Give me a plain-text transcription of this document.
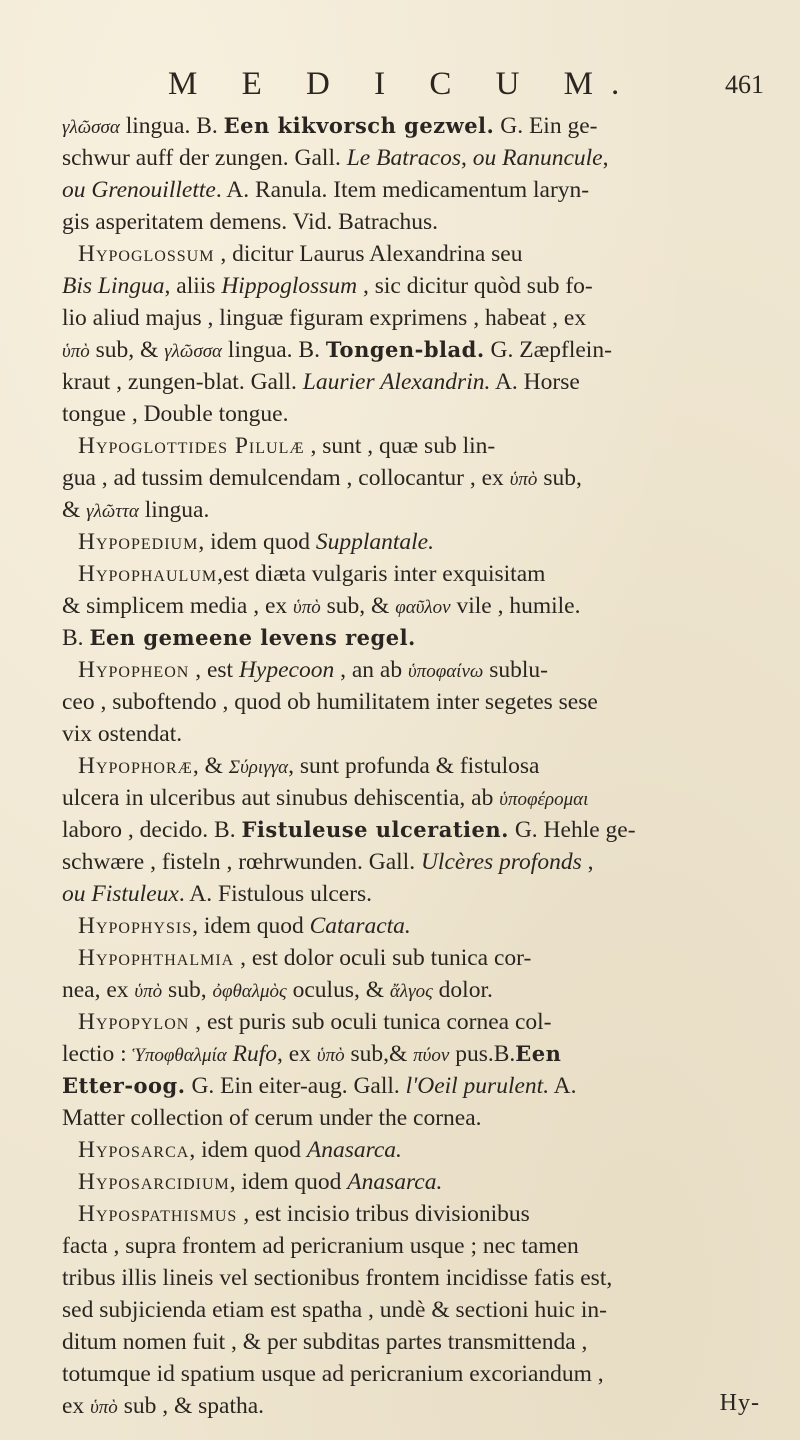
M E D I C U M.	461
γλῶσσα lingua. B. Een kikvorsch gezwel. G. Ein ge-
schwur auff der zungen. Gall. Le Batracos, ou Ranuncule,
ou Grenouillette. A. Ranula. Item medicamentum laryn-
gis asperitatem demens. Vid. Batrachus.
Hypoglossum , dicitur Laurus Alexandrina seu
Bis Lingua, aliis Hippoglossum , sic dicitur quòd sub fo-
lio aliud majus , linguæ figuram exprimens , habeat , ex
ὑπὸ sub, & γλῶσσα lingua. B. Tongen-blad. G. Zæpflein-
kraut , zungen-blat. Gall. Laurier Alexandrin. A. Horse
tongue , Double tongue.
Hypoglottides Pilulæ , sunt , quæ sub lin-
gua , ad tussim demulcendam , collocantur , ex ὑπὸ sub,
& γλῶττα lingua.
Hypopedium, idem quod Supplantale.
Hypophaulum,est diæta vulgaris inter exquisitam
& simplicem media , ex ὑπὸ sub, & φαῦλον vile , humile.
B. Een gemeene levens regel.
Hypopheon , est Hypecoon , an ab ὑποφαίνω sublu-
ceo , suboftendo , quod ob humilitatem inter segetes sese
vix ostendat.
Hypophoræ, & Σύριγγα, sunt profunda & fistulosa
ulcera in ulceribus aut sinubus dehiscentia, ab ὑποφέρομαι
laboro , decido. B. Fistuleuse ulceratien. G. Hehle ge-
schwære , fisteln , rœhrwunden. Gall. Ulcères profonds ,
ou Fistuleux. A. Fistulous ulcers.
Hypophysis, idem quod Cataracta.
Hypophthalmia , est dolor oculi sub tunica cor-
nea, ex ὑπὸ sub, ὀφθαλμὸς oculus, & ἄλγος dolor.
Hypopylon , est puris sub oculi tunica cornea col-
lectio : Ὑποφθαλμία Rufo, ex ὑπὸ sub,& πύον pus.B.Een
Etter-oog. G. Ein eiter-aug. Gall. l'Oeil purulent. A.
Matter collection of cerum under the cornea.
Hyposarca, idem quod Anasarca.
Hyposarcidium, idem quod Anasarca.
Hypospathismus , est incisio tribus divisionibus
facta , supra frontem ad pericranium usque ; nec tamen
tribus illis lineis vel sectionibus frontem incidisse fatis est,
sed subjicienda etiam est spatha , undè & sectioni huic in-
ditum nomen fuit , & per subditas partes transmittenda ,
totumque id spatium usque ad pericranium excoriandum ,
ex ὑπὸ sub , & spatha.	Hy-
